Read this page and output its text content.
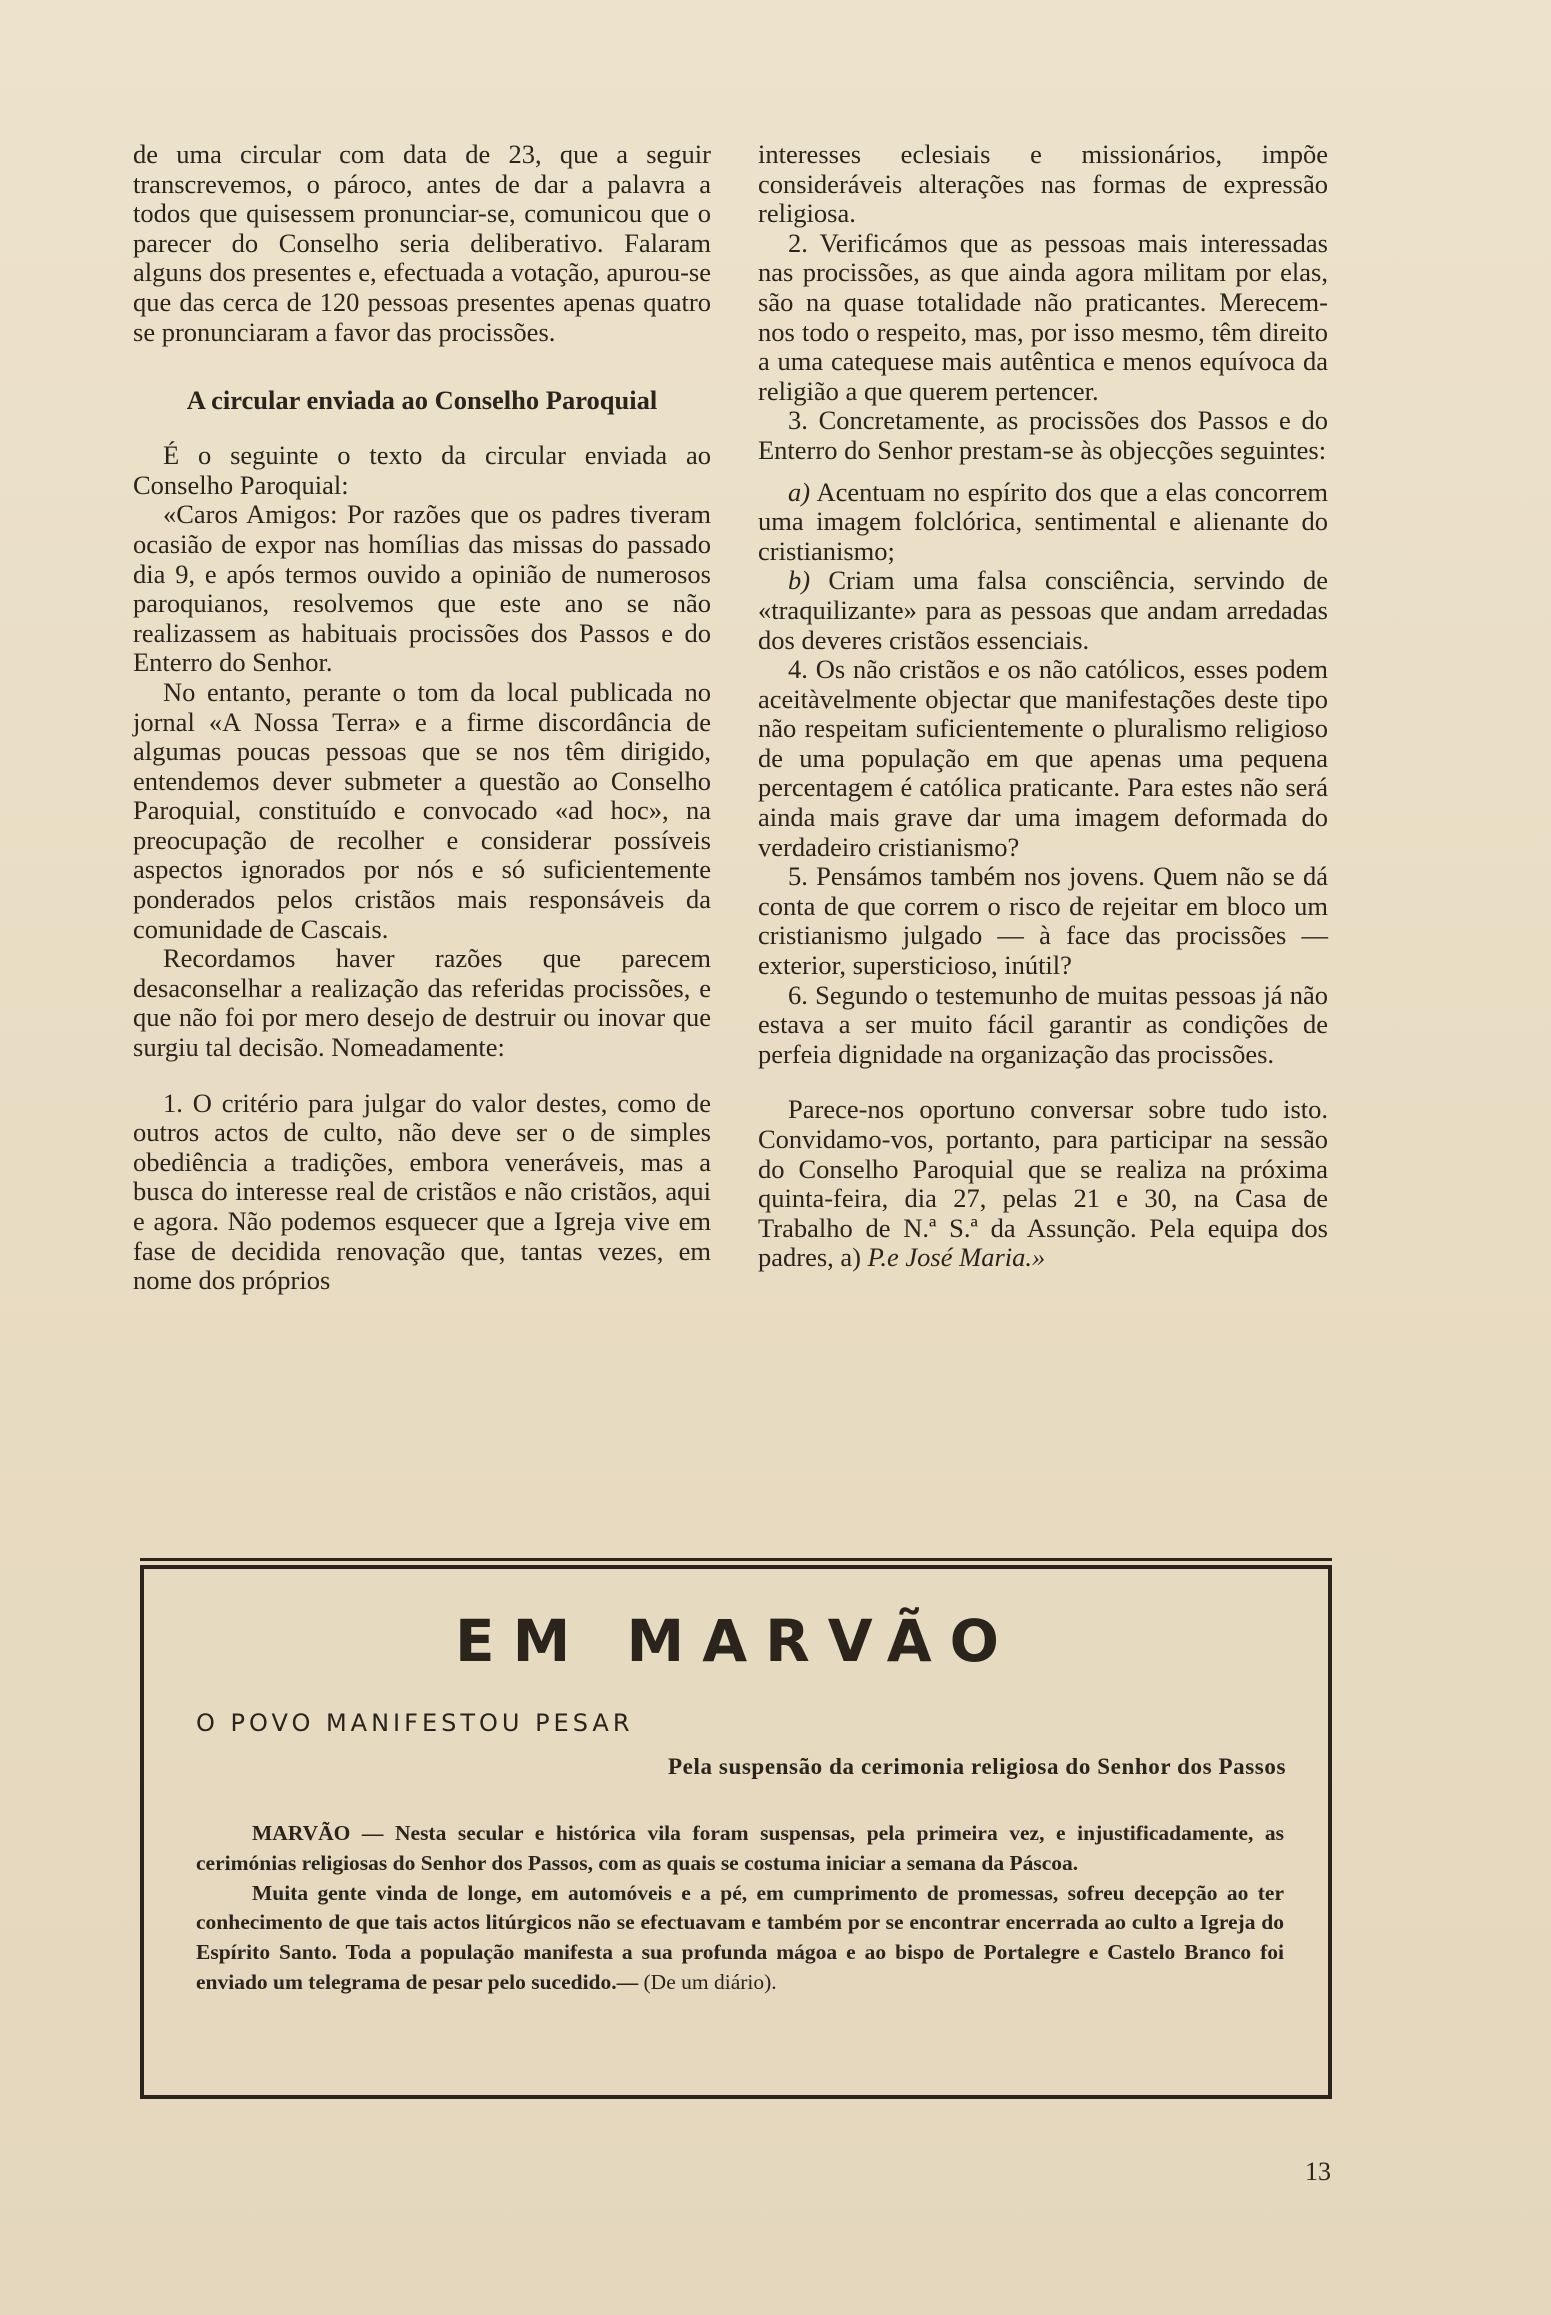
de uma circular com data de 23, que a seguir transcrevemos, o pároco, antes de dar a palavra a todos que quisessem pronunciar-se, comunicou que o parecer do Conselho seria deliberativo. Falaram alguns dos presentes e, efectuada a votação, apurou-se que das cerca de 120 pessoas presentes apenas quatro se pronunciaram a favor das procissões.

A circular enviada ao Conselho Paroquial

É o seguinte o texto da circular enviada ao Conselho Paroquial:

«Caros Amigos: Por razões que os padres tiveram ocasião de expor nas homílias das missas do passado dia 9, e após termos ouvido a opinião de numerosos paroquianos, resolvemos que este ano se não realizassem as habituais procissões dos Passos e do Enterro do Senhor.

No entanto, perante o tom da local publicada no jornal «A Nossa Terra» e a firme discordância de algumas poucas pessoas que se nos têm dirigido, entendemos dever submeter a questão ao Conselho Paroquial, constituído e convocado «ad hoc», na preocupação de recolher e considerar possíveis aspectos ignorados por nós e só suficientemente ponderados pelos cristãos mais responsáveis da comunidade de Cascais.

Recordamos haver razões que parecem desaconselhar a realização das referidas procissões, e que não foi por mero desejo de destruir ou inovar que surgiu tal decisão. Nomeadamente:

1. O critério para julgar do valor destes, como de outros actos de culto, não deve ser o de simples obediência a tradições, embora veneráveis, mas a busca do interesse real de cristãos e não cristãos, aqui e agora. Não podemos esquecer que a Igreja vive em fase de decidida renovação que, tantas vezes, em nome dos próprios

interesses eclesiais e missionários, impõe consideráveis alterações nas formas de expressão religiosa.

2. Verificámos que as pessoas mais interessadas nas procissões, as que ainda agora militam por elas, são na quase totalidade não praticantes. Merecem-nos todo o respeito, mas, por isso mesmo, têm direito a uma catequese mais autêntica e menos equívoca da religião a que querem pertencer.

3. Concretamente, as procissões dos Passos e do Enterro do Senhor prestam-se às objecções seguintes:

a) Acentuam no espírito dos que a elas concorrem uma imagem folclórica, sentimental e alienante do cristianismo;

b) Criam uma falsa consciência, servindo de «traquilizante» para as pessoas que andam arredadas dos deveres cristãos essenciais.

4. Os não cristãos e os não católicos, esses podem aceitàvelmente objectar que manifestações deste tipo não respeitam suficientemente o pluralismo religioso de uma população em que apenas uma pequena percentagem é católica praticante. Para estes não será ainda mais grave dar uma imagem deformada do verdadeiro cristianismo?

5. Pensámos também nos jovens. Quem não se dá conta de que correm o risco de rejeitar em bloco um cristianismo julgado — à face das procissões — exterior, supersticioso, inútil?

6. Segundo o testemunho de muitas pessoas já não estava a ser muito fácil garantir as condições de perfeia dignidade na organização das procissões.

Parece-nos oportuno conversar sobre tudo isto. Convidamo-vos, portanto, para participar na sessão do Conselho Paroquial que se realiza na próxima quinta-feira, dia 27, pelas 21 e 30, na Casa de Trabalho de N.ª S.ª da Assunção. Pela equipa dos padres, a) P.e José Maria.»

EM MARVÃO
O POVO MANIFESTOU PESAR
Pela suspensão da cerimonia religiosa do Senhor dos Passos

MARVÃO — Nesta secular e histórica vila foram suspensas, pela primeira vez, e injustificadamente, as cerimónias religiosas do Senhor dos Passos, com as quais se costuma iniciar a semana da Páscoa.

Muita gente vinda de longe, em automóveis e a pé, em cumprimento de promessas, sofreu decepção ao ter conhecimento de que tais actos litúrgicos não se efectuavam e também por se encontrar encerrada ao culto a Igreja do Espírito Santo. Toda a população manifesta a sua profunda mágoa e ao bispo de Portalegre e Castelo Branco foi enviado um telegrama de pesar pelo sucedido.— (De um diário).

13
